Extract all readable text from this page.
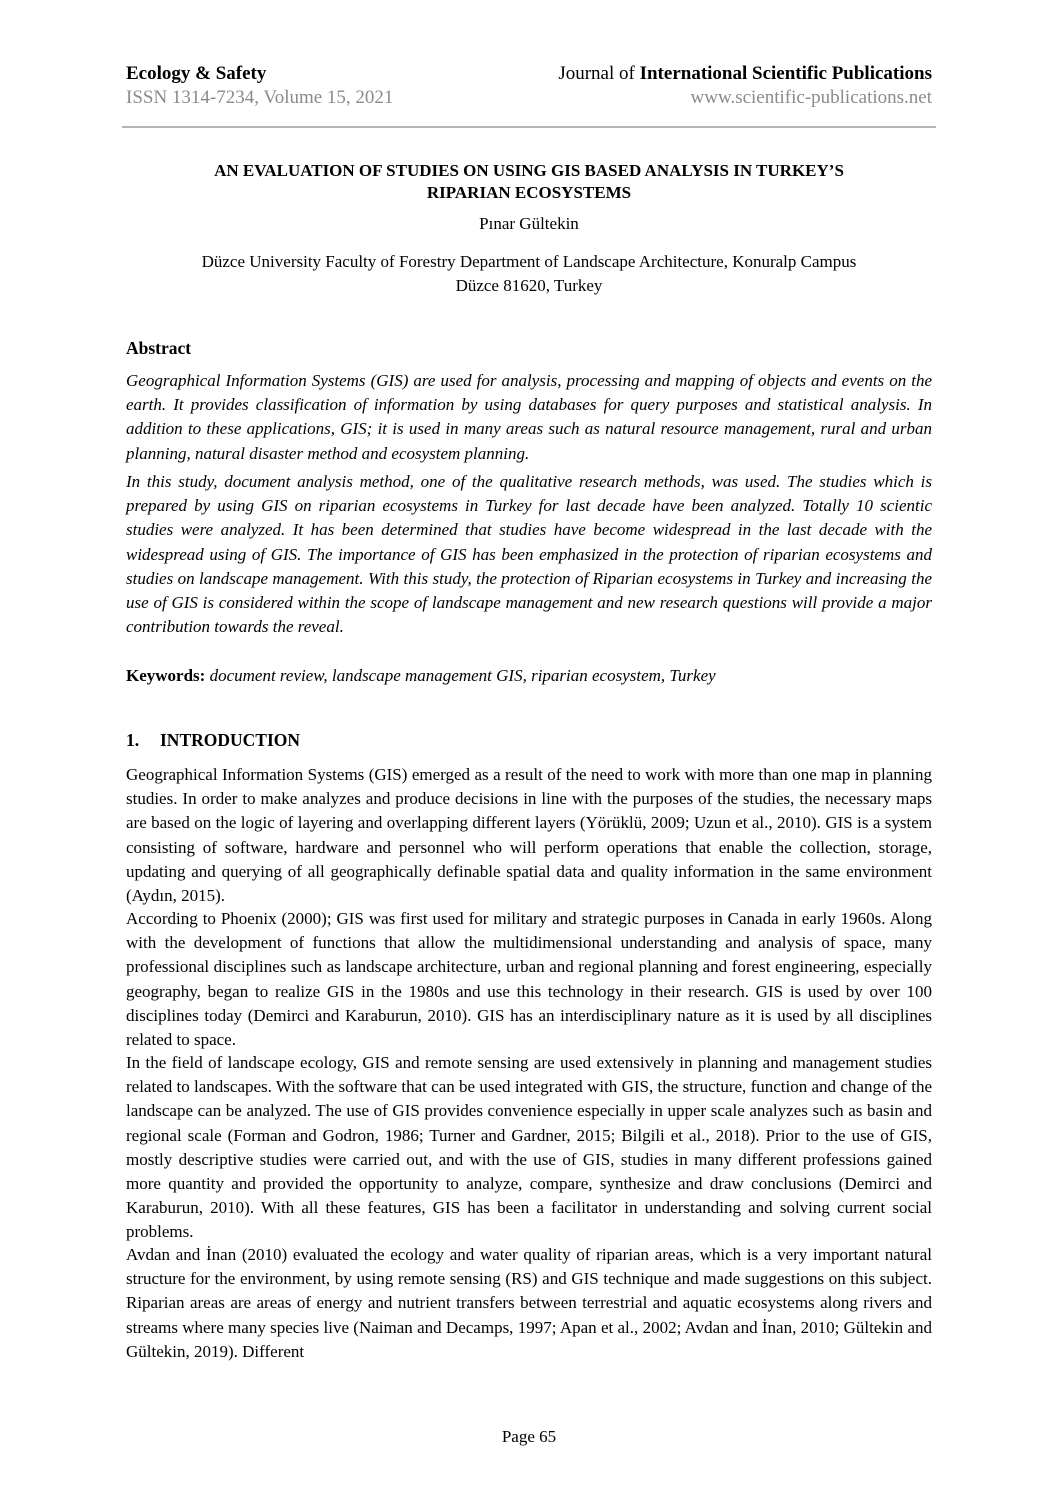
Ecology & Safety
ISSN 1314-7234, Volume 15, 2021
Journal of International Scientific Publications
www.scientific-publications.net
AN EVALUATION OF STUDIES ON USING GIS BASED ANALYSIS IN TURKEY’S
RIPARIAN ECOSYSTEMS
Pınar Gültekin
Düzce University Faculty of Forestry Department of Landscape Architecture, Konuralp Campus
Düzce 81620, Turkey
Abstract
Geographical Information Systems (GIS) are used for analysis, processing and mapping of objects and events on the earth. It provides classification of information by using databases for query purposes and statistical analysis. In addition to these applications, GIS; it is used in many areas such as natural resource management, rural and urban planning, natural disaster method and ecosystem planning.
In this study, document analysis method, one of the qualitative research methods, was used. The studies which is prepared by using GIS on riparian ecosystems in Turkey for last decade have been analyzed. Totally 10 scientic studies were analyzed. It has been determined that studies have become widespread in the last decade with the widespread using of GIS. The importance of GIS has been emphasized in the protection of riparian ecosystems and studies on landscape management. With this study, the protection of Riparian ecosystems in Turkey and increasing the use of GIS is considered within the scope of landscape management and new research questions will provide a major contribution towards the reveal.
Keywords: document review, landscape management GIS, riparian ecosystem, Turkey
1. INTRODUCTION
Geographical Information Systems (GIS) emerged as a result of the need to work with more than one map in planning studies. In order to make analyzes and produce decisions in line with the purposes of the studies, the necessary maps are based on the logic of layering and overlapping different layers (Yörüklü, 2009; Uzun et al., 2010). GIS is a system consisting of software, hardware and personnel who will perform operations that enable the collection, storage, updating and querying of all geographically definable spatial data and quality information in the same environment (Aydın, 2015).
According to Phoenix (2000); GIS was first used for military and strategic purposes in Canada in early 1960s. Along with the development of functions that allow the multidimensional understanding and analysis of space, many professional disciplines such as landscape architecture, urban and regional planning and forest engineering, especially geography, began to realize GIS in the 1980s and use this technology in their research. GIS is used by over 100 disciplines today (Demirci and Karaburun, 2010). GIS has an interdisciplinary nature as it is used by all disciplines related to space.
In the field of landscape ecology, GIS and remote sensing are used extensively in planning and management studies related to landscapes. With the software that can be used integrated with GIS, the structure, function and change of the landscape can be analyzed. The use of GIS provides convenience especially in upper scale analyzes such as basin and regional scale (Forman and Godron, 1986; Turner and Gardner, 2015; Bilgili et al., 2018). Prior to the use of GIS, mostly descriptive studies were carried out, and with the use of GIS, studies in many different professions gained more quantity and provided the opportunity to analyze, compare, synthesize and draw conclusions (Demirci and Karaburun, 2010). With all these features, GIS has been a facilitator in understanding and solving current social problems.
Avdan and İnan (2010) evaluated the ecology and water quality of riparian areas, which is a very important natural structure for the environment, by using remote sensing (RS) and GIS technique and made suggestions on this subject. Riparian areas are areas of energy and nutrient transfers between terrestrial and aquatic ecosystems along rivers and streams where many species live (Naiman and Decamps, 1997; Apan et al., 2002; Avdan and İnan, 2010; Gültekin and Gültekin, 2019). Different
Page 65
